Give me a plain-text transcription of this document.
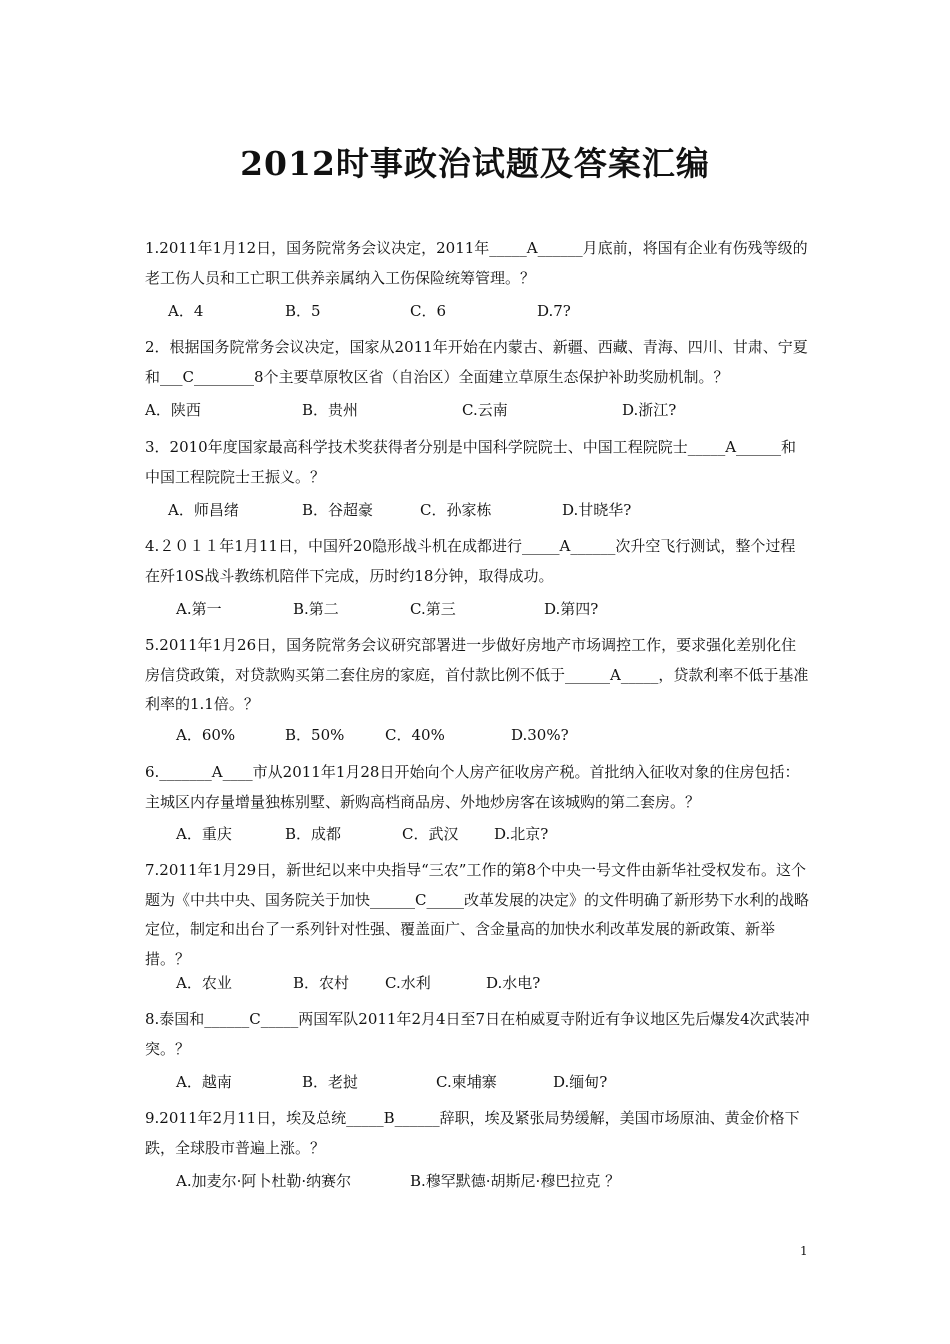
2012时事政治试题及答案汇编

1.2011年1月12日，国务院常务会议决定，2011年_____A______月底前，将国有企业有伤残等级的老工伤人员和工亡职工供养亲属纳入工伤保险统筹管理。？

A．4	B．5	C．6	D.7?

2．根据国务院常务会议决定，国家从2011年开始在内蒙古、新疆、西藏、青海、四川、甘肃、宁夏和___C________8个主要草原牧区省（自治区）全面建立草原生态保护补助奖励机制。？

A．陕西	B．贵州	C.云南	D.浙江?

3．2010年度国家最高科学技术奖获得者分别是中国科学院院士、中国工程院院士_____A______和中国工程院院士王振义。？

A．师昌绪	B．谷超豪	C．孙家栋	D.甘晓华?

4.２０１１年1月11日，中国歼20隐形战斗机在成都进行_____A______次升空飞行测试，整个过程在歼10S战斗教练机陪伴下完成，历时约18分钟，取得成功。

A.第一	B.第二	C.第三	D.第四?

5.2011年1月26日，国务院常务会议研究部署进一步做好房地产市场调控工作，要求强化差别化住房信贷政策，对贷款购买第二套住房的家庭，首付款比例不低于______A_____，贷款利率不低于基准利率的1.1倍。？

A．60%	B．50%	C．40%	D.30%?

6._______A____市从2011年1月28日开始向个人房产征收房产税。首批纳入征收对象的住房包括：主城区内存量增量独栋别墅、新购高档商品房、外地炒房客在该城购的第二套房。？

A．重庆	B．成都	C．武汉 D.北京?

7.2011年1月29日，新世纪以来中央指导“三农”工作的第8个中央一号文件由新华社受权发布。这个题为《中共中央、国务院关于加快______C_____改革发展的决定》的文件明确了新形势下水利的战略定位，制定和出台了一系列针对性强、覆盖面广、含金量高的加快水利改革发展的新政策、新举措。？

A．农业	B．农村 C.水利	D.水电?

8.泰国和______C_____两国军队2011年2月4日至7日在柏威夏寺附近有争议地区先后爆发4次武装冲突。？

A．越南	B．老挝	C.柬埔寨	D.缅甸?

9.2011年2月11日，埃及总统_____B______辞职，埃及紧张局势缓解，美国市场原油、黄金价格下跌，全球股市普遍上涨。？

A.加麦尔·阿卜杜勒·纳赛尔	B.穆罕默德·胡斯尼·穆巴拉克 ？
1
